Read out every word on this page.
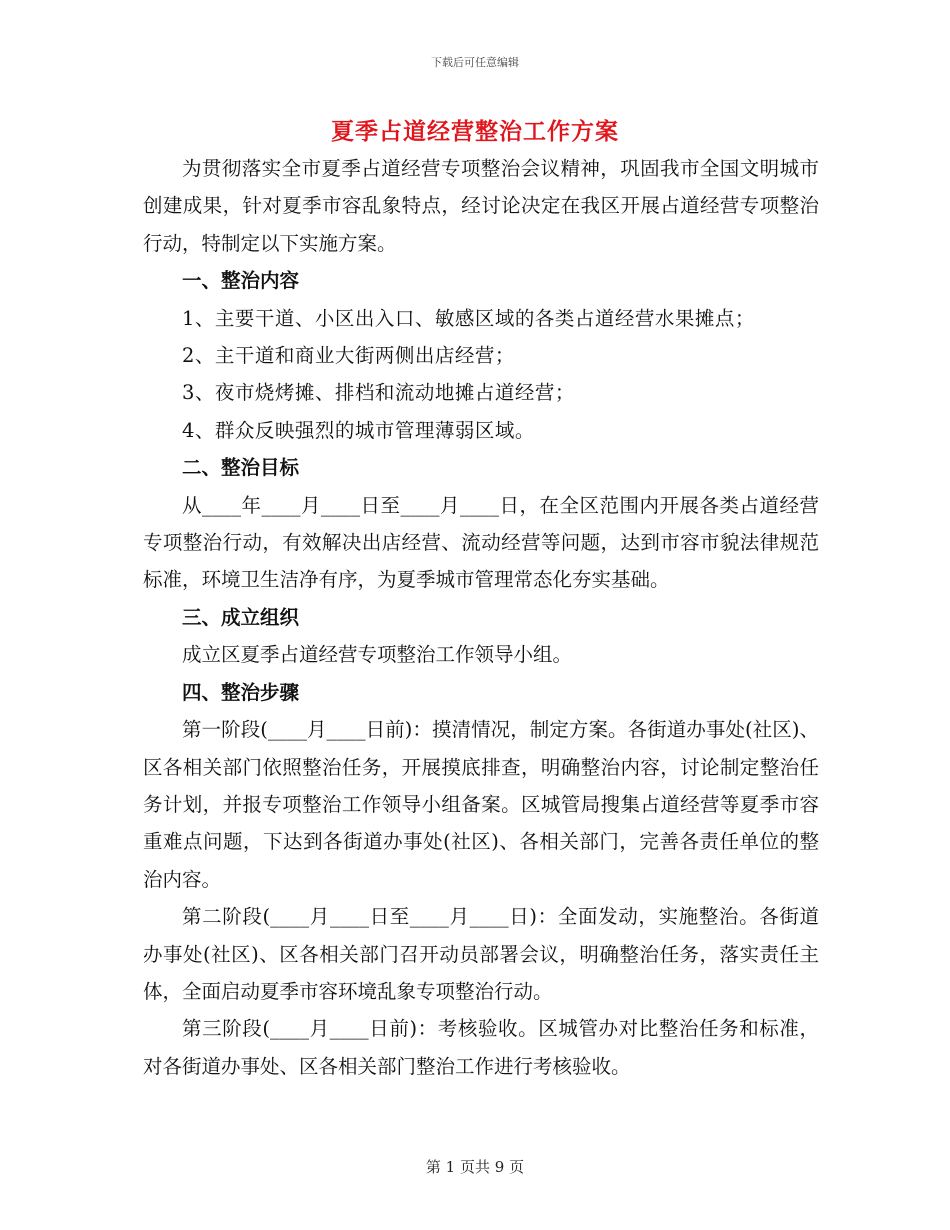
下载后可任意编辑
夏季占道经营整治工作方案

为贯彻落实全市夏季占道经营专项整治会议精神，巩固我市全国文明城市创建成果，针对夏季市容乱象特点，经讨论决定在我区开展占道经营专项整治行动，特制定以下实施方案。

一、整治内容

1、主要干道、小区出入口、敏感区域的各类占道经营水果摊点；

2、主干道和商业大街两侧出店经营；

3、夜市烧烤摊、排档和流动地摊占道经营；

4、群众反映强烈的城市管理薄弱区域。

二、整治目标

从____年____月____日至____月____日，在全区范围内开展各类占道经营专项整治行动，有效解决出店经营、流动经营等问题，达到市容市貌法律规范标准，环境卫生洁净有序，为夏季城市管理常态化夯实基础。

三、成立组织

成立区夏季占道经营专项整治工作领导小组。

四、整治步骤

第一阶段(____月____日前)：摸清情况，制定方案。各街道办事处(社区)、区各相关部门依照整治任务，开展摸底排查，明确整治内容，讨论制定整治任务计划，并报专项整治工作领导小组备案。区城管局搜集占道经营等夏季市容重难点问题，下达到各街道办事处(社区)、各相关部门，完善各责任单位的整治内容。

第二阶段(____月____日至____月____日)：全面发动，实施整治。各街道办事处(社区)、区各相关部门召开动员部署会议，明确整治任务，落实责任主体，全面启动夏季市容环境乱象专项整治行动。

第三阶段(____月____日前)：考核验收。区城管办对比整治任务和标准，对各街道办事处、区各相关部门整治工作进行考核验收。

第 1 页共 9 页
